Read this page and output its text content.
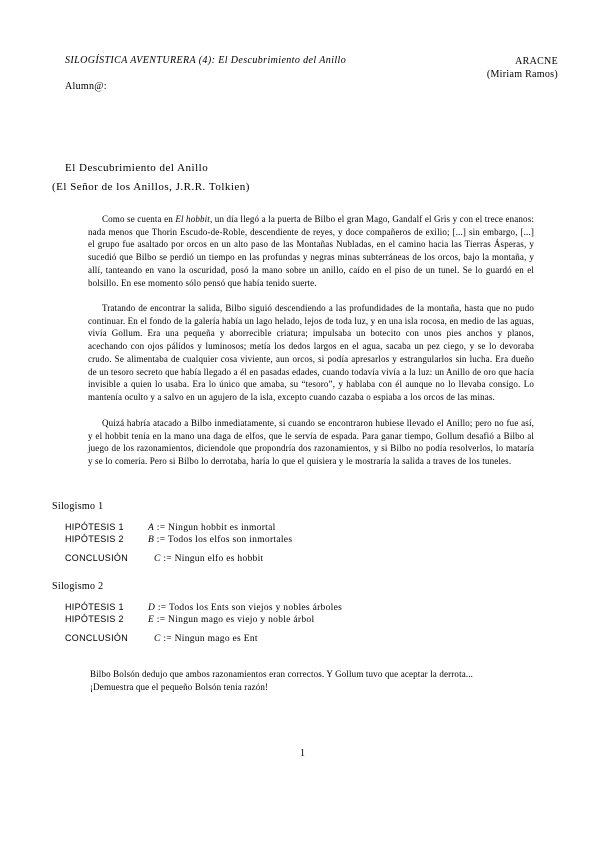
SILOGÍSTICA AVENTURERA (4): El Descubrimiento del Anillo	ARACNE
(Miriam Ramos)
Alumn@:
El Descubrimiento del Anillo
(El Señor de los Anillos, J.R.R. Tolkien)

Como se cuenta en El hobbit, un día llegó a la puerta de Bilbo el gran Mago, Gandalf el Gris y con el trece enanos: nada menos que Thorin Escudo-de-Roble, descendiente de reyes, y doce compañeros de exilio; [...] sin embargo, [...] el grupo fue asaltado por orcos en un alto paso de las Montañas Nubladas, en el camino hacia las Tierras Ásperas, y sucedió que Bilbo se perdió un tiempo en las profundas y negras minas subterráneas de los orcos, bajo la montaña, y allí, tanteando en vano la oscuridad, posó la mano sobre un anillo, caído en el piso de un tunel. Se lo guardó en el bolsillo. En ese momento sólo pensó que había tenido suerte.

Tratando de encontrar la salida, Bilbo siguió descendiendo a las profundidades de la montaña, hasta que no pudo continuar. En el fondo de la galería había un lago helado, lejos de toda luz, y en una isla rocosa, en medio de las aguas, vivía Gollum. Era una pequeña y aborrecible criatura; impulsaba un botecito con unos pies anchos y planos, acechando con ojos pálidos y luminosos; metía los dedos largos en el agua, sacaba un pez ciego, y se lo devoraba crudo. Se alimentaba de cualquier cosa viviente, aun orcos, si podía apresarlos y estrangularlos sin lucha. Era dueño de un tesoro secreto que había llegado a él en pasadas edades, cuando todavía vivía a la luz: un Anillo de oro que hacía invisible a quien lo usaba. Era lo único que amaba, su “tesoro”, y hablaba con él aunque no lo llevaba consigo. Lo mantenía oculto y a salvo en un agujero de la isla, excepto cuando cazaba o espiaba a los orcos de las minas.

Quizá habría atacado a Bilbo inmediatamente, si cuando se encontraron hubiese llevado el Anillo; pero no fue así, y el hobbit tenía en la mano una daga de elfos, que le servía de espada. Para ganar tiempo, Gollum desafió a Bilbo al juego de los razonamientos, diciendole que propondría dos razonamientos, y si Bilbo no podía resolverlos, lo mataría y se lo comería. Pero si Bilbo lo derrotaba, haría lo que el quisiera y le mostraría la salida a traves de los tuneles.

Silogismo 1
HIPÓTESIS 1	A := Ningun hobbit es inmortal
HIPÓTESIS 2	B := Todos los elfos son inmortales
CONCLUSIÓN	C := Ningun elfo es hobbit
Silogismo 2
HIPÓTESIS 1	D := Todos los Ents son viejos y nobles árboles
HIPÓTESIS 2	E := Ningun mago es viejo y noble árbol
CONCLUSIÓN	C := Ningun mago es Ent

Bilbo Bolsón dedujo que ambos razonamientos eran correctos. Y Gollum tuvo que aceptar la derrota...

¡Demuestra que el pequeño Bolsón tenia razón!

1
